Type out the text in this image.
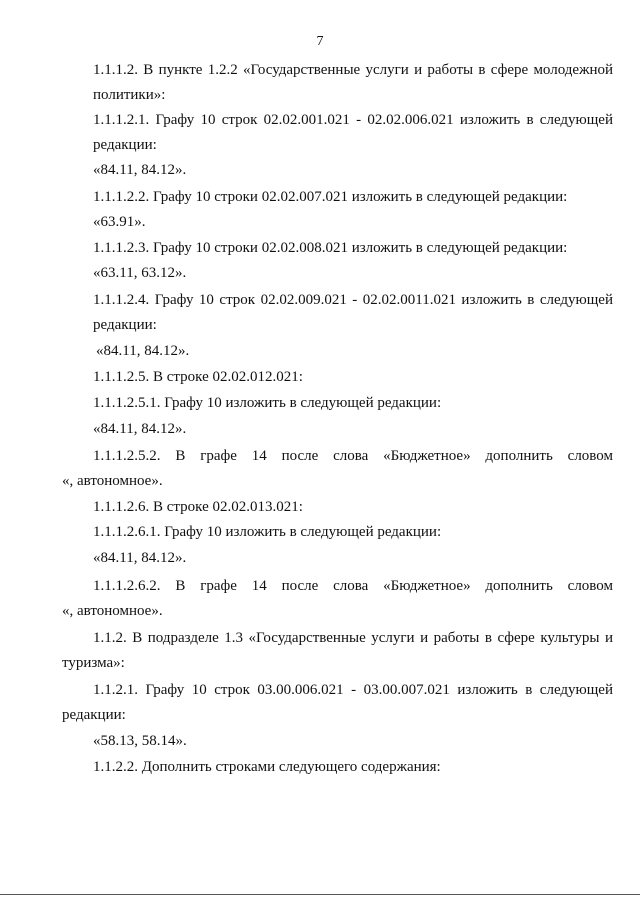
7
1.1.1.2. В пункте 1.2.2 «Государственные услуги и работы в сфере молодежной
политики»:
1.1.1.2.1. Графу 10 строк 02.02.001.021 - 02.02.006.021 изложить в следующей
редакции:
«84.11, 84.12».
1.1.1.2.2. Графу 10 строки 02.02.007.021 изложить в следующей редакции:
«63.91».
1.1.1.2.3. Графу 10 строки 02.02.008.021 изложить в следующей редакции:
«63.11, 63.12».
1.1.1.2.4. Графу 10 строк 02.02.009.021 - 02.02.0011.021 изложить в следующей
редакции:
«84.11, 84.12».
1.1.1.2.5. В строке 02.02.012.021:
1.1.1.2.5.1. Графу 10 изложить в следующей редакции:
«84.11, 84.12».
1.1.1.2.5.2. В графе 14 после слова «Бюджетное» дополнить словом
«, автономное».
1.1.1.2.6. В строке 02.02.013.021:
1.1.1.2.6.1. Графу 10 изложить в следующей редакции:
«84.11, 84.12».
1.1.1.2.6.2. В графе 14 после слова «Бюджетное» дополнить словом
«, автономное».
1.1.2. В подразделе 1.3 «Государственные услуги и работы в сфере культуры и
туризма»:
1.1.2.1. Графу 10 строк 03.00.006.021 - 03.00.007.021 изложить в следующей
редакции:
«58.13, 58.14».
1.1.2.2. Дополнить строками следующего содержания:
